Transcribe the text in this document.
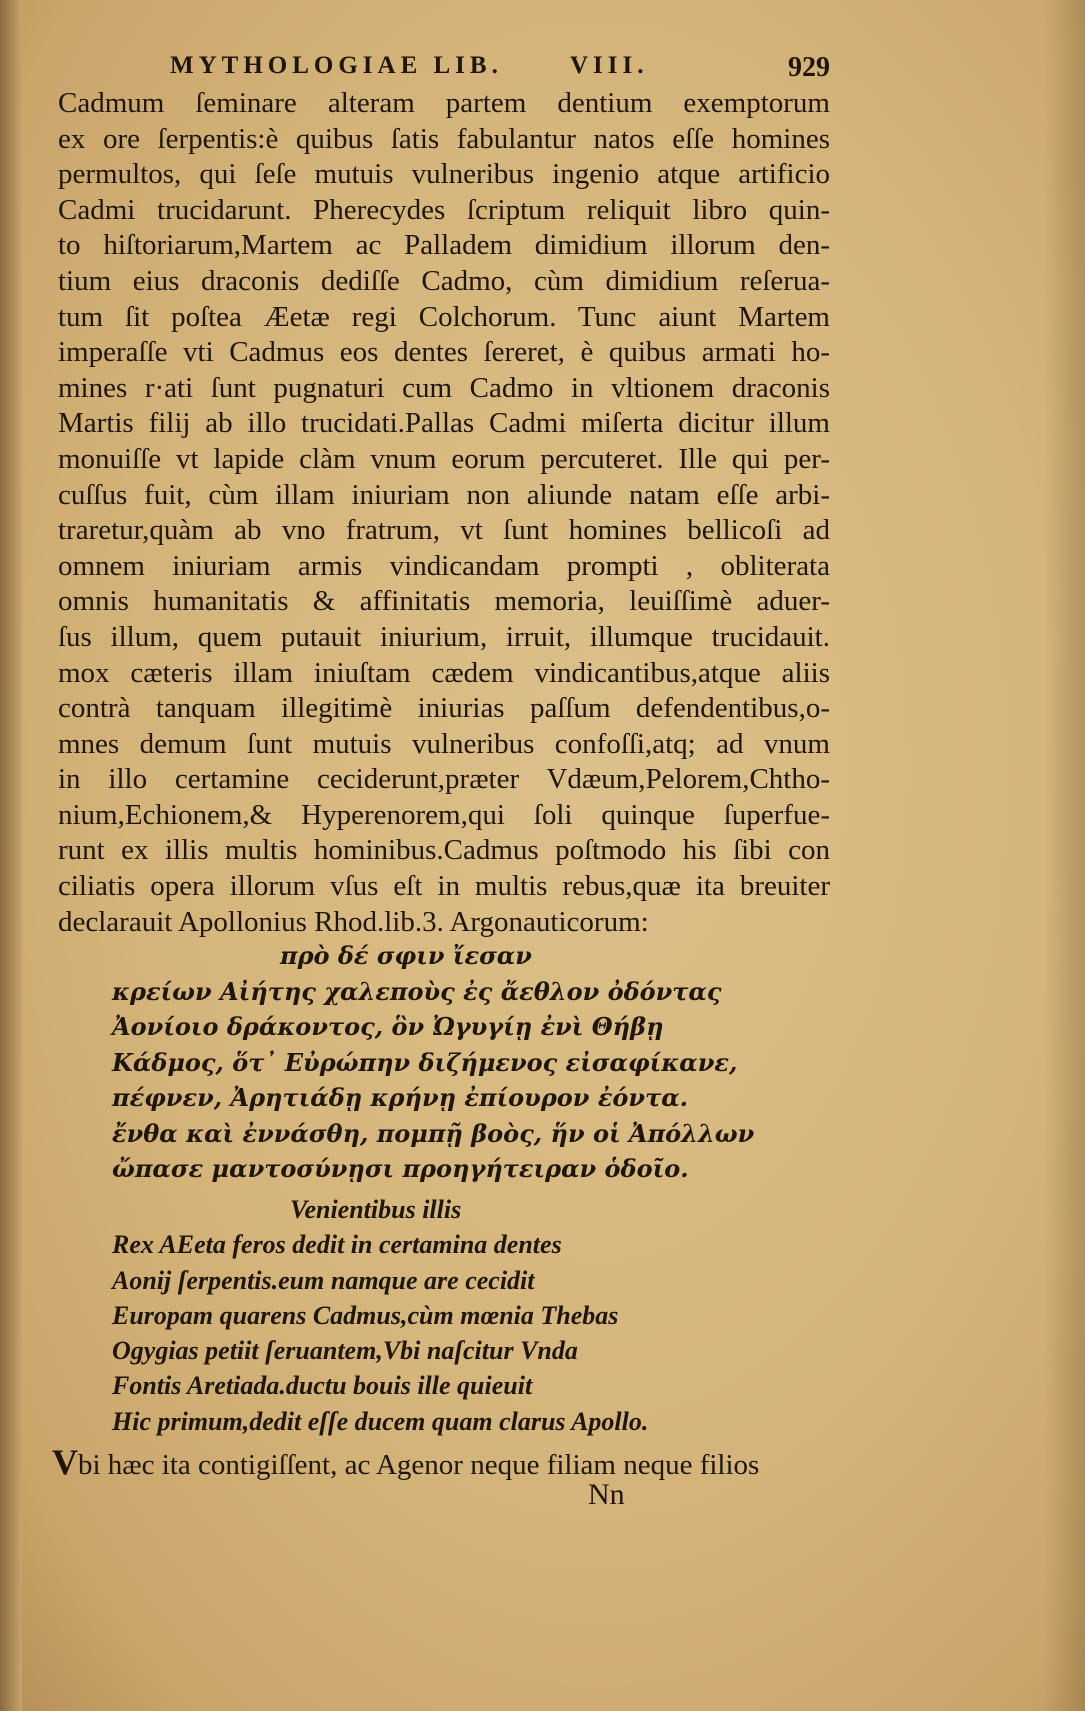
MYTHOLOGIAE LIB.	VIII.	929
Cadmum ſeminare alteram partem dentium exemptorum
ex ore ſerpentis:è quibus ſatis fabulantur natos eſſe homines
permultos, qui ſeſe mutuis vulneribus ingenio atque artificio
Cadmi trucidarunt. Pherecydes ſcriptum reliquit libro quin-
to hiſtoriarum,Martem ac Palladem dimidium illorum den-
tium eius draconis dediſſe Cadmo, cùm dimidium reſerua-
tum ſit poſtea Æetæ regi Colchorum. Tunc aiunt Martem
imperaſſe vti Cadmus eos dentes ſereret, è quibus armati ho-
mines r·ati ſunt pugnaturi cum Cadmo in vltionem draconis
Martis filij ab illo trucidati.Pallas Cadmi miſerta dicitur illum
monuiſſe vt lapide clàm vnum eorum percuteret. Ille qui per-
cuſſus fuit, cùm illam iniuriam non aliunde natam eſſe arbi-
traretur,quàm ab vno fratrum, vt ſunt homines bellicoſi ad
omnem iniuriam armis vindicandam prompti , obliterata
omnis humanitatis & affinitatis memoria, leuiſſimè aduer-
ſus illum, quem putauit iniurium, irruit, illumque trucidauit.
mox cæteris illam iniuſtam cædem vindicantibus,atque aliis
contrà tanquam illegitimè iniurias paſſum defendentibus,o-
mnes demum ſunt mutuis vulneribus confoſſi,atq; ad vnum
in illo certamine ceciderunt,præter Vdæum,Pelorem,Chtho-
nium,Echionem,& Hyperenorem,qui ſoli quinque ſuperfue-
runt ex illis multis hominibus.Cadmus poſtmodo his ſibi con
ciliatis opera illorum vſus eſt in multis rebus,quæ ita breuiter
declarauit Apollonius Rhod.lib.3. Argonauticorum:
πρὸ δέ σφιν ἴεσαν
κρείων Αἰήτης χαλεποὺς ἐς ἄεθλον ὀδόντας
Ἀονίοιο δράκοντος, ὃν Ὠγυγίῃ ἐνὶ Θήβῃ
Κάδμος, ὅτ᾽ Εὐρώπην διζήμενος εἰσαφίκανε,
πέφνεν, Ἀρητιάδῃ κρήνῃ ἐπίουρον ἐόντα.
ἔνθα καὶ ἐννάσθη, πομπῇ βοὸς, ἥν οἱ Ἀπόλλων
ὤπασε μαντοσύνῃσι προηγήτειραν ὁδοῖο.
Venientibus illis
Rex AEeta feros dedit in certamina dentes
Aonij ſerpentis.eum namque are cecidit
Europam quarens Cadmus,cùm mœnia Thebas
Ogygias petiit ſeruantem,Vbi naſcitur Vnda
Fontis Aretiada.ductu bouis ille quieuit
Hic primum,dedit eſſe ducem quam clarus Apollo.
Vbi hæc ita contigiſſent, ac Agenor neque filiam neque filios
Nn
